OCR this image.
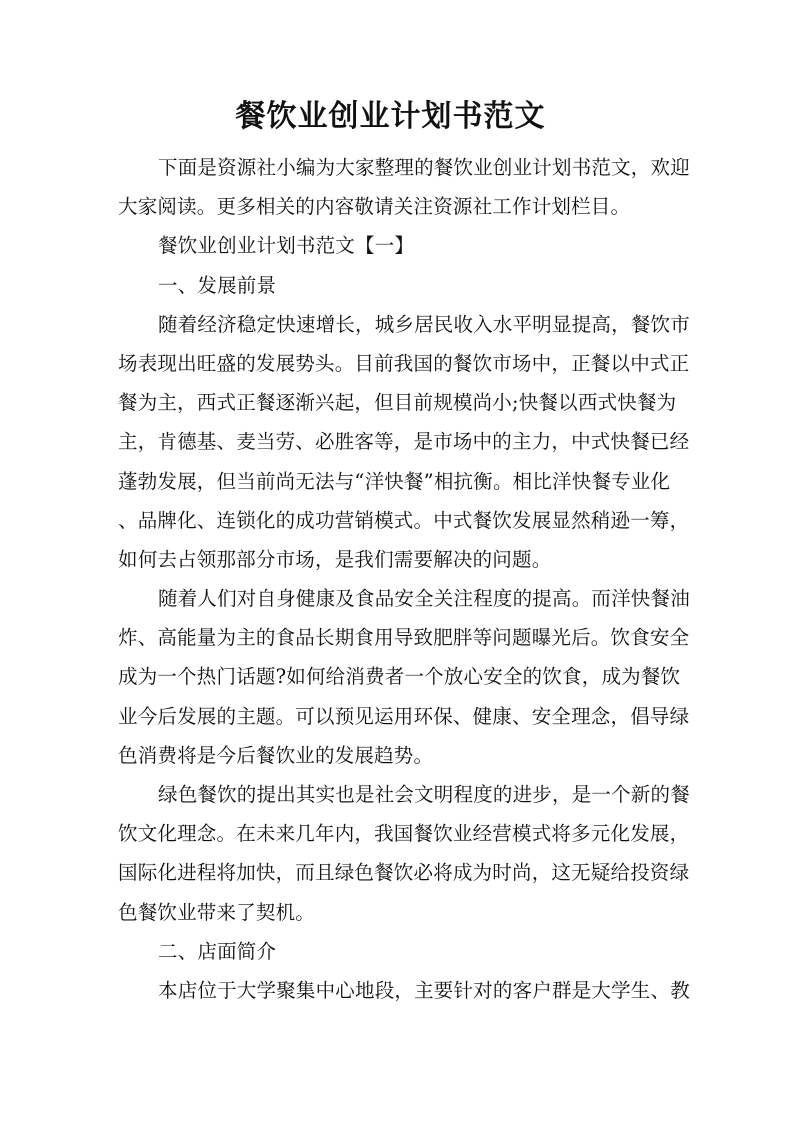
餐饮业创业计划书范文
下面是资源社小编为大家整理的餐饮业创业计划书范文，欢迎
大家阅读。更多相关的内容敬请关注资源社工作计划栏目。
餐饮业创业计划书范文【一】
一、发展前景
随着经济稳定快速增长，城乡居民收入水平明显提高，餐饮市
场表现出旺盛的发展势头。目前我国的餐饮市场中，正餐以中式正
餐为主，西式正餐逐渐兴起，但目前规模尚小;快餐以西式快餐为
主，肯德基、麦当劳、必胜客等，是市场中的主力，中式快餐已经
蓬勃发展，但当前尚无法与“洋快餐”相抗衡。相比洋快餐专业化
、品牌化、连锁化的成功营销模式。中式餐饮发展显然稍逊一筹，
如何去占领那部分市场，是我们需要解决的问题。
随着人们对自身健康及食品安全关注程度的提高。而洋快餐油
炸、高能量为主的食品长期食用导致肥胖等问题曝光后。饮食安全
成为一个热门话题?如何给消费者一个放心安全的饮食，成为餐饮
业今后发展的主题。可以预见运用环保、健康、安全理念，倡导绿
色消费将是今后餐饮业的发展趋势。
绿色餐饮的提出其实也是社会文明程度的进步，是一个新的餐
饮文化理念。在未来几年内，我国餐饮业经营模式将多元化发展，
国际化进程将加快，而且绿色餐饮必将成为时尚，这无疑给投资绿
色餐饮业带来了契机。
二、店面简介
本店位于大学聚集中心地段，主要针对的客户群是大学生、教
